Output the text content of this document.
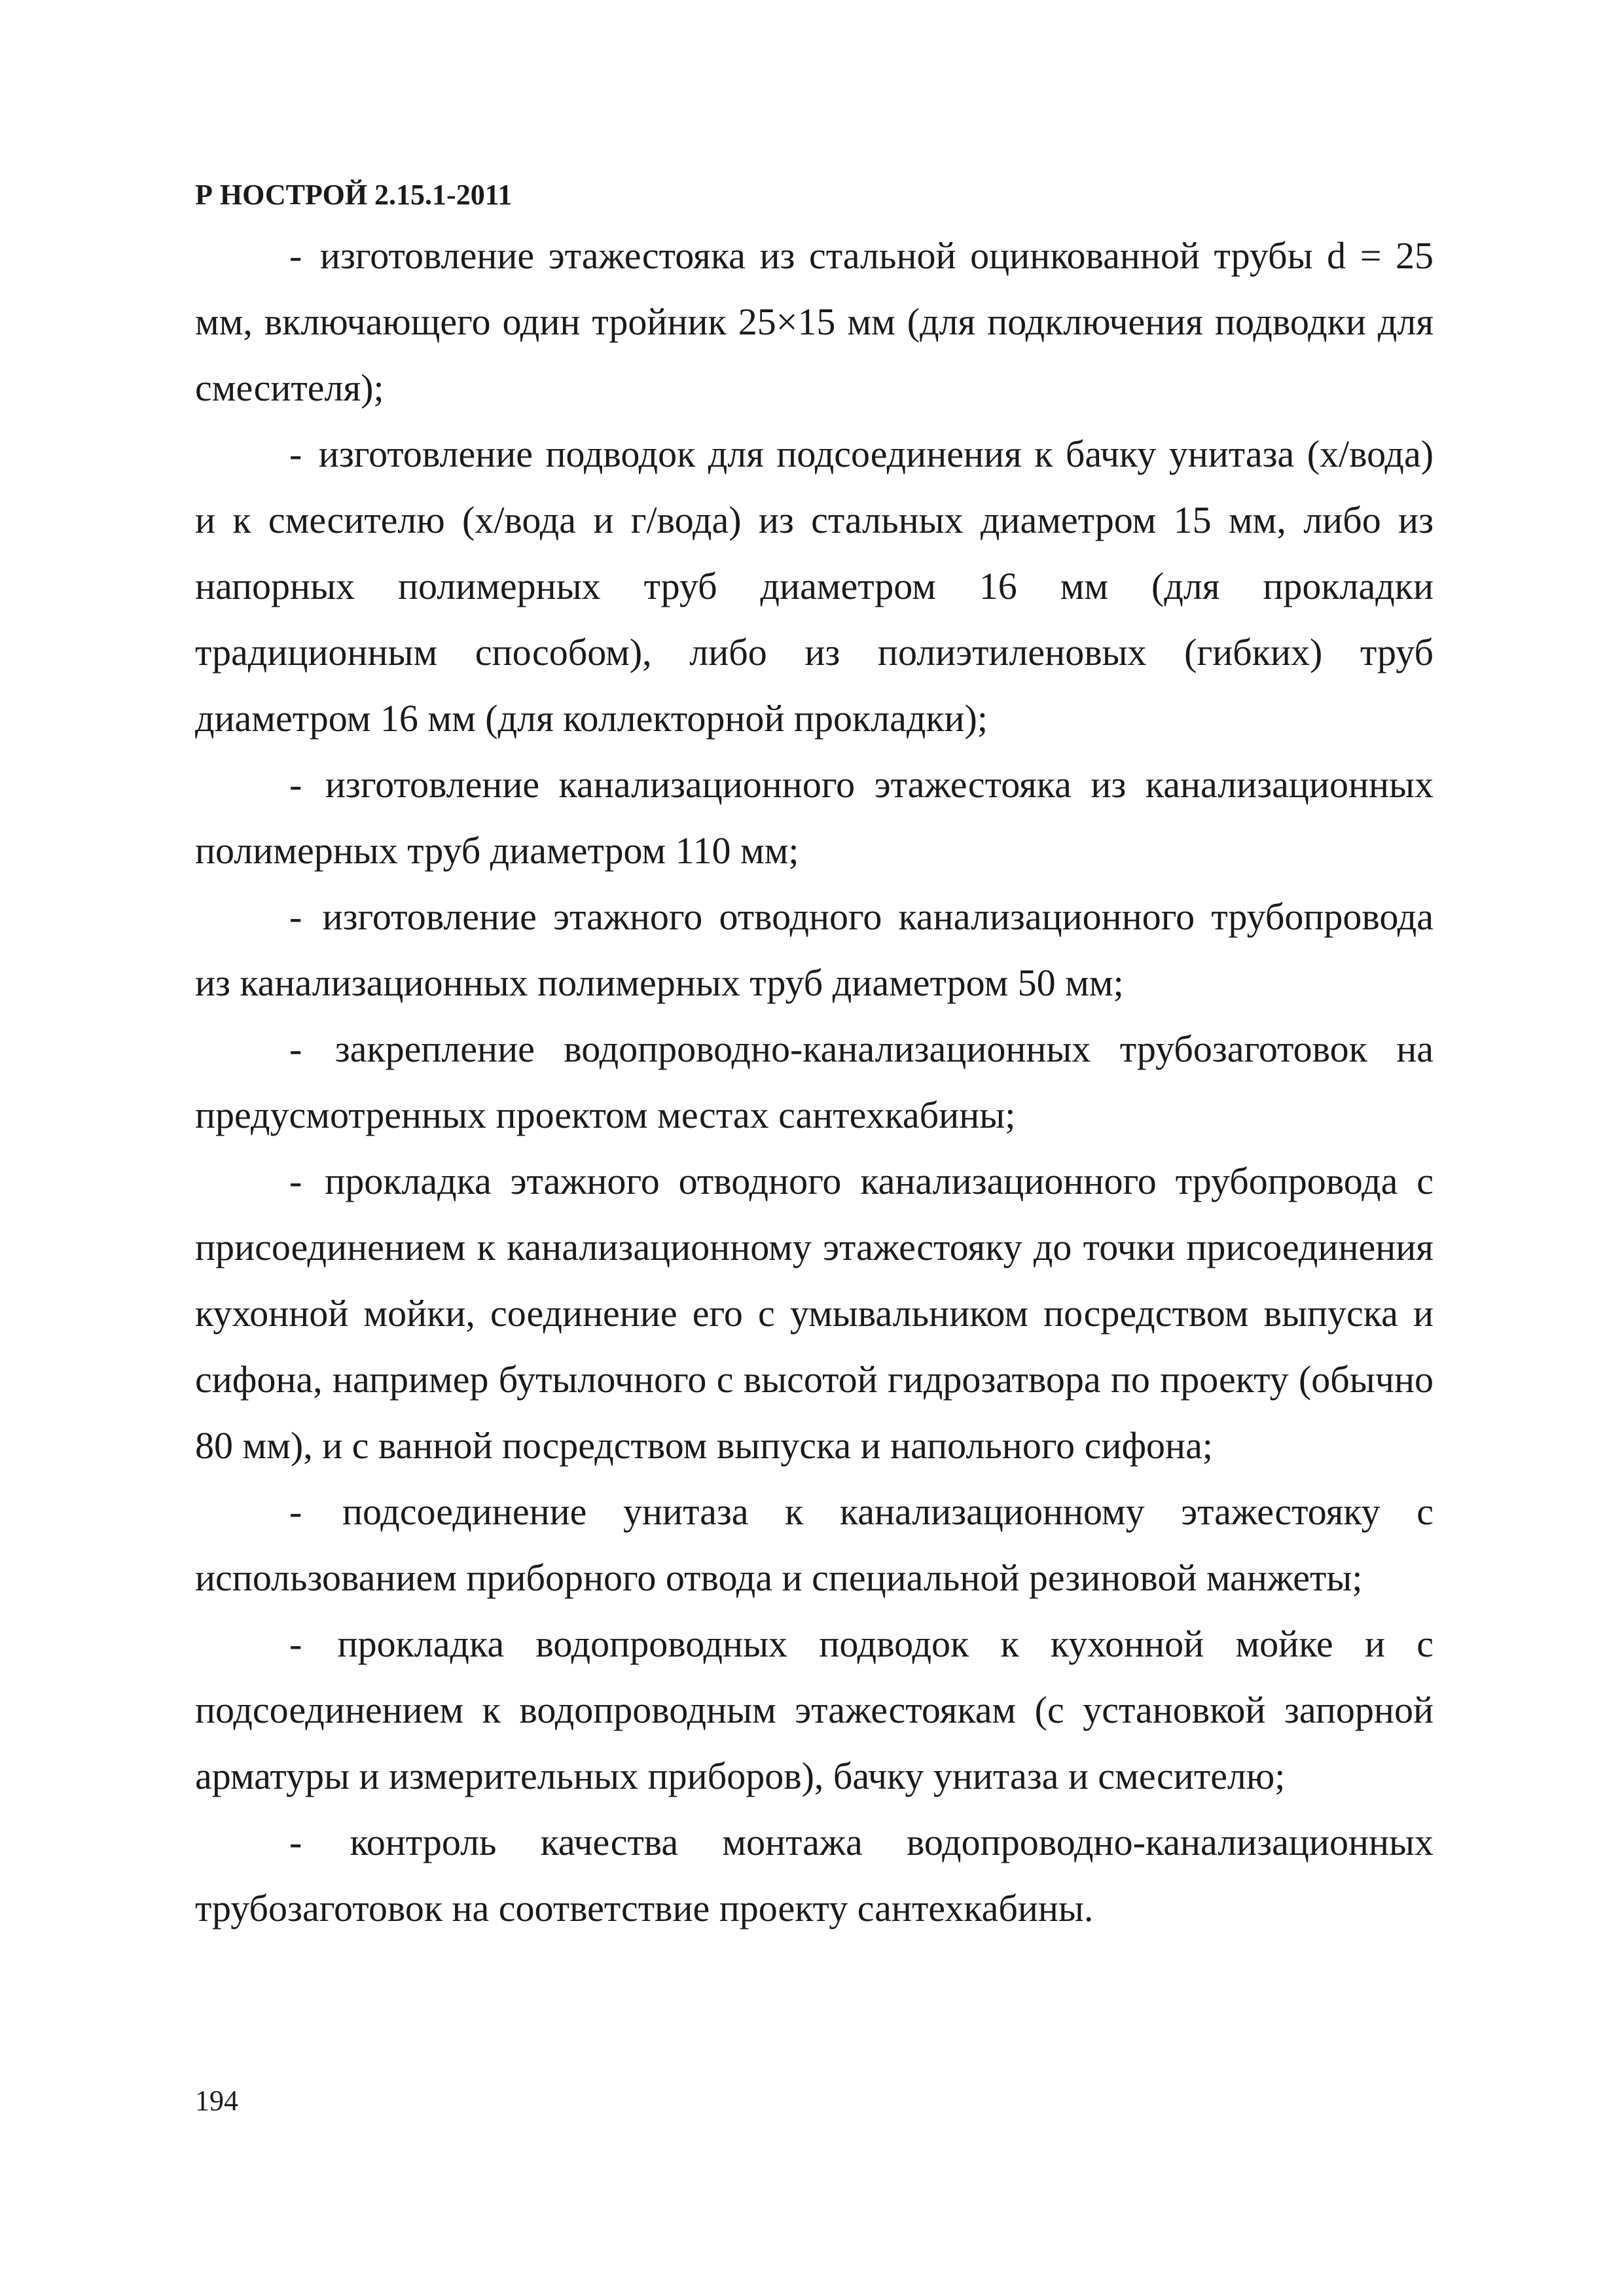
Р НОСТРОЙ 2.15.1-2011

- изготовление этажестояка из стальной оцинкованной трубы d = 25 мм, включающего один тройник 25×15 мм (для подключения подводки для смесителя);

- изготовление подводок для подсоединения к бачку унитаза (х/вода) и к смесителю (х/вода и г/вода) из стальных диаметром 15 мм, либо из напорных полимерных труб диаметром 16 мм (для прокладки традиционным способом), либо из полиэтиленовых (гибких) труб диаметром 16 мм (для коллекторной прокладки);

- изготовление канализационного этажестояка из канализационных полимерных труб диаметром 110 мм;

- изготовление этажного отводного канализационного трубопровода из канализационных полимерных труб диаметром 50 мм;

- закрепление водопроводно-канализационных трубозаготовок на предусмотренных проектом местах сантехкабины;

- прокладка этажного отводного канализационного трубопровода с присоединением к канализационному этажестояку до точки присоединения кухонной мойки, соединение его с умывальником посредством выпуска и сифона, например бутылочного с высотой гидрозатвора по проекту (обычно 80 мм), и с ванной посредством выпуска и напольного сифона;

- подсоединение унитаза к канализационному этажестояку с использованием приборного отвода и специальной резиновой манжеты;

- прокладка водопроводных подводок к кухонной мойке и с подсоединением к водопроводным этажестоякам (с установкой запорной арматуры и измерительных приборов), бачку унитаза и смесителю;

- контроль качества монтажа водопроводно-канализационных трубозаготовок на соответствие проекту сантехкабины.

194
